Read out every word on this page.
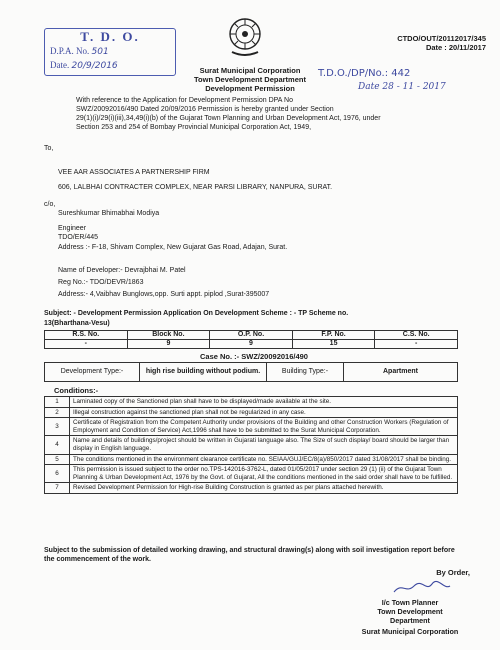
T. D. O.
D.P.A. No. 501
Date. 20/9/2016
CTDO/OUT/20112017/345
Date : 20/11/2017
Surat Municipal Corporation
Town Development Department
Development Permission
T.D.O./DP/No.: 442
Date 28 - 11 - 2017
With reference to the Application for Development Permission DPA No
SWZ/20092016/490 Dated 20/09/2016 Permission is hereby granted under Section
29(1)(i)/29(i)(iii),34,49(i)(b) of the Gujarat Town Planning and Urban Development Act, 1976, under
Section 253 and 254 of Bombay Provincial Municipal Corporation Act, 1949,
To,
VEE AAR ASSOCIATES A PARTNERSHIP FIRM
606, LALBHAI CONTRACTER COMPLEX, NEAR PARSI LIBRARY, NANPURA, SURAT.
c/o,
Sureshkumar Bhimabhai Modiya
Engineer
TDO/ER/445
Address :- F-18, Shivam Complex, New Gujarat Gas Road, Adajan, Surat.
Name of Developer:- Devrajbhai M. Patel
Reg No.:- TDO/DEVR/1863
Address:- 4,Vaibhav Bunglows,opp. Surti appt. piplod ,Surat-395007
Subject: - Development Permission Application On Development Scheme : - TP Scheme no.
13(Bharthana-Vesu)
R.S. No.	Block No.	O.P. No.	F.P. No.	C.S. No.
-	9	9	15	-
Case No. :- SWZ/20092016/490
Development Type:-	high rise building without podium.	Building Type:-	Apartment
Conditions:-
1	Laminated copy of the Sanctioned plan shall have to be displayed/made available at the site.
2	Illegal construction against the sanctioned plan shall not be regularized in any case.
3	Certificate of Registration from the Competent Authority under provisions of the Building and other Construction Workers (Regulation of Employment and Condition of Service) Act,1996 shall have to be submitted to the Surat Municipal Corporation.
4	Name and details of buildings/project should be written in Gujarati language also. The Size of such display/ board should be larger than display in English language.
5	The conditions mentioned in the environment clearance certificate no. SEIAA/GUJ/EC/8(a)/850/2017 dated 31/08/2017 shall be binding.
6	This permission is issued subject to the order no.TPS-142016-3762-L, dated 01/05/2017 under section 29 (1) (ii) of the Gujarat Town Planning & Urban Development Act, 1976 by the Govt. of Gujarat, All the conditions mentioned in the said order shall have to be fulfilled.
7	Revised Development Permission for High-rise Building Construction is granted as per plans attached herewith.
Subject to the submission of detailed working drawing, and structural drawing(s) along with soil investigation report before the commencement of the work.
By Order,
I/c Town Planner
Town Development
Department
Surat Municipal Corporation
